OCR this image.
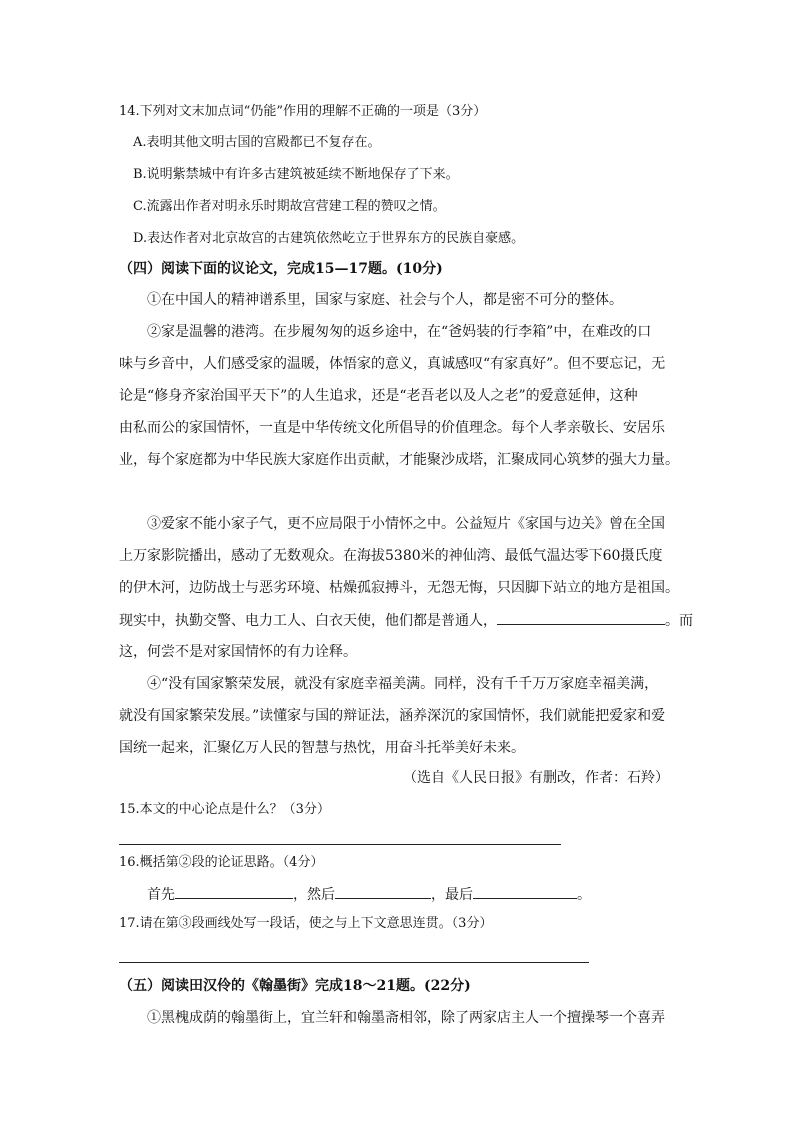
14.下列对文末加点词“仍能”作用的理解不正确的一项是（3分）
A.表明其他文明古国的宫殿都已不复存在。
B.说明紫禁城中有许多古建筑被延续不断地保存了下来。
C.流露出作者对明永乐时期故宫营建工程的赞叹之情。
D.表达作者对北京故宫的古建筑依然屹立于世界东方的民族自豪感。
（四）阅读下面的议论文，完成15—17题。(10分)
①在中国人的精神谱系里，国家与家庭、社会与个人，都是密不可分的整体。
②家是温馨的港湾。在步履匆匆的返乡途中，在“爸妈装的行李箱”中，在难改的口
味与乡音中，人们感受家的温暖，体悟家的意义，真诚感叹“有家真好”。但不要忘记，无
论是“修身齐家治国平天下”的人生追求，还是“老吾老以及人之老”的爱意延伸，这种
由私而公的家国情怀，一直是中华传统文化所倡导的价值理念。每个人孝亲敬长、安居乐
业，每个家庭都为中华民族大家庭作出贡献，才能聚沙成塔，汇聚成同心筑梦的强大力量。
③爱家不能小家子气，更不应局限于小情怀之中。公益短片《家国与边关》曾在全国
上万家影院播出，感动了无数观众。在海拔5380米的神仙湾、最低气温达零下60摄氏度
的伊木河，边防战士与恶劣环境、枯燥孤寂搏斗，无怨无悔，只因脚下站立的地方是祖国。
现实中，执勤交警、电力工人、白衣天使，他们都是普通人，	。而
这，何尝不是对家国情怀的有力诠释。
④“没有国家繁荣发展，就没有家庭幸福美满。同样，没有千千万万家庭幸福美满，
就没有国家繁荣发展。”读懂家与国的辩证法，涵养深沉的家国情怀，我们就能把爱家和爱
国统一起来，汇聚亿万人民的智慧与热忱，用奋斗托举美好未来。
（选自《人民日报》有删改，作者：石羚）
15.本文的中心论点是什么？（3分）
16.概括第②段的论证思路。（4分）
首先	，然后	，最后	。
17.请在第③段画线处写一段话，使之与上下文意思连贯。（3分）
（五）阅读田汉伶的《翰墨街》完成18～21题。(22分)
①黑槐成荫的翰墨街上，宜兰轩和翰墨斋相邻，除了两家店主人一个擅操琴一个喜弄
